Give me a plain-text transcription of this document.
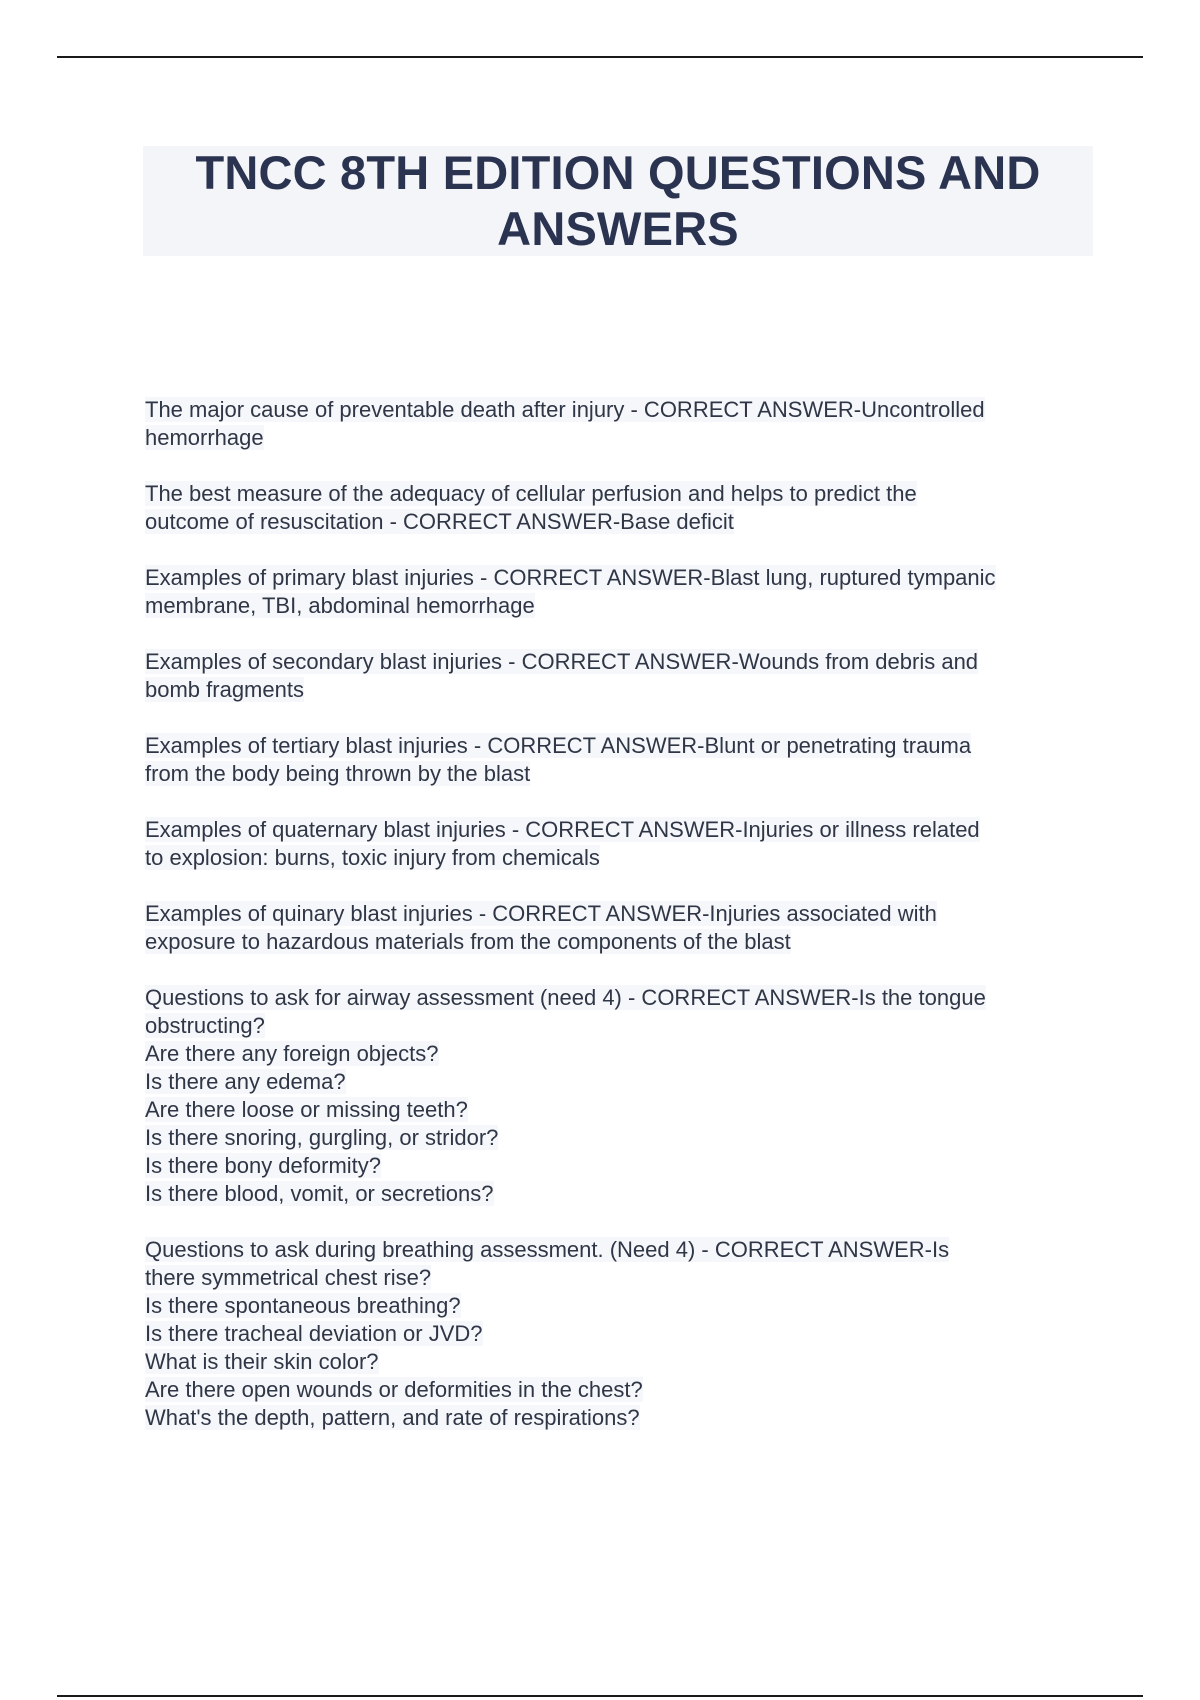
TNCC 8TH EDITION QUESTIONS AND ANSWERS

The major cause of preventable death after injury - CORRECT ANSWER-Uncontrolled
hemorrhage

The best measure of the adequacy of cellular perfusion and helps to predict the
outcome of resuscitation - CORRECT ANSWER-Base deficit

Examples of primary blast injuries - CORRECT ANSWER-Blast lung, ruptured tympanic
membrane, TBI, abdominal hemorrhage

Examples of secondary blast injuries - CORRECT ANSWER-Wounds from debris and
bomb fragments

Examples of tertiary blast injuries - CORRECT ANSWER-Blunt or penetrating trauma
from the body being thrown by the blast

Examples of quaternary blast injuries - CORRECT ANSWER-Injuries or illness related
to explosion: burns, toxic injury from chemicals

Examples of quinary blast injuries - CORRECT ANSWER-Injuries associated with
exposure to hazardous materials from the components of the blast

Questions to ask for airway assessment (need 4) - CORRECT ANSWER-Is the tongue
obstructing?
Are there any foreign objects?
Is there any edema?
Are there loose or missing teeth?
Is there snoring, gurgling, or stridor?
Is there bony deformity?
Is there blood, vomit, or secretions?

Questions to ask during breathing assessment. (Need 4) - CORRECT ANSWER-Is
there symmetrical chest rise?
Is there spontaneous breathing?
Is there tracheal deviation or JVD?
What is their skin color?
Are there open wounds or deformities in the chest?
What's the depth, pattern, and rate of respirations?
